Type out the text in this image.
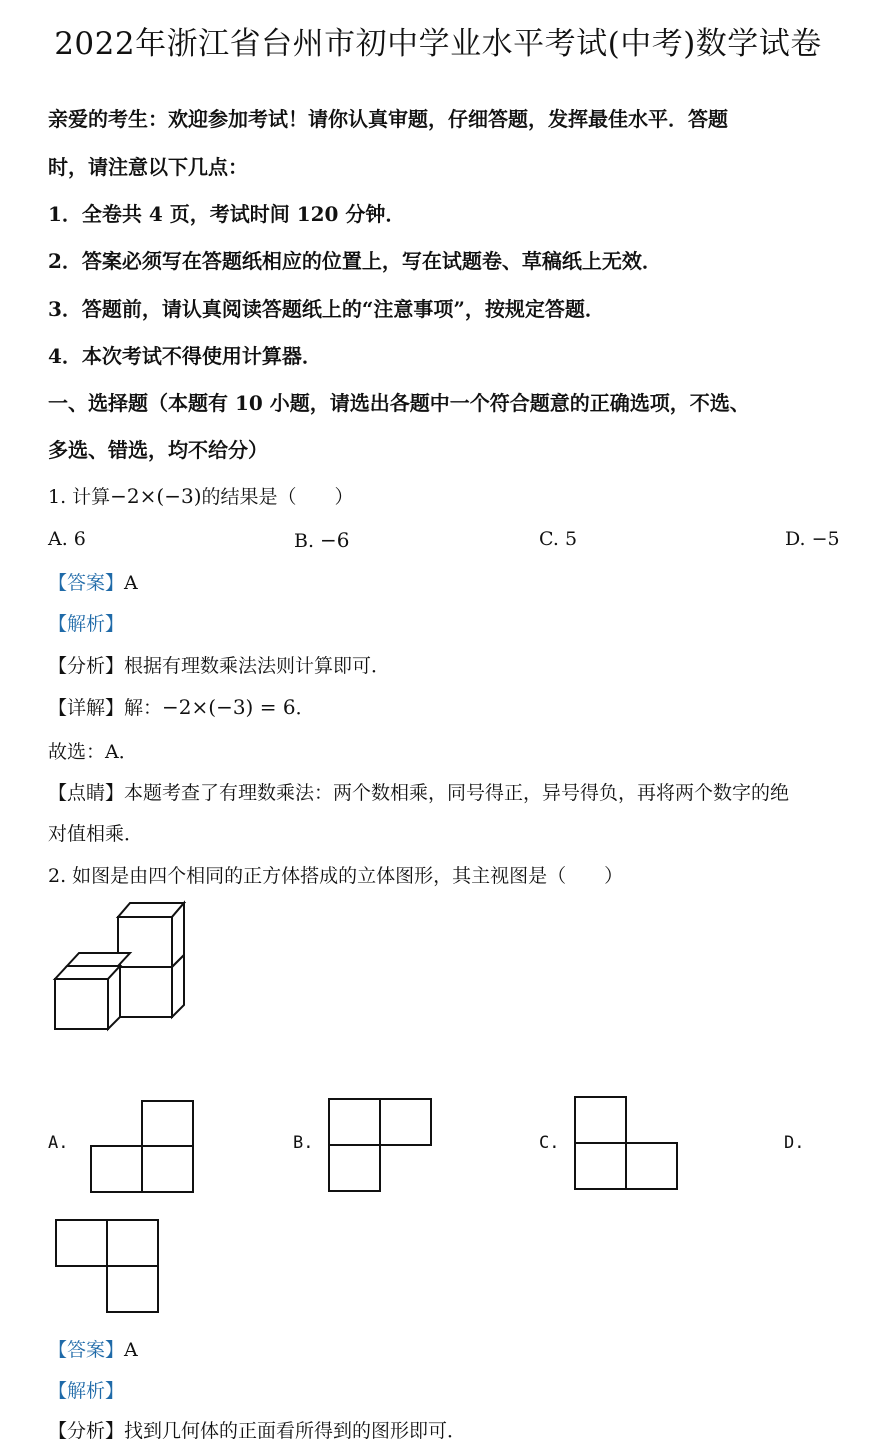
2022年浙江省台州市初中学业水平考试(中考)数学试卷
亲爱的考生：欢迎参加考试！请你认真审题，仔细答题，发挥最佳水平．答题
时，请注意以下几点：
1．全卷共 4 页，考试时间 120 分钟．
2．答案必须写在答题纸相应的位置上，写在试题卷、草稿纸上无效．
3．答题前，请认真阅读答题纸上的“注意事项”，按规定答题．
4．本次考试不得使用计算器．
一、选择题（本题有 10 小题，请选出各题中一个符合题意的正确选项，不选、
多选、错选，均不给分）
1. 计算−2×(−3)的结果是（　　）
A. 6	B. −6	C. 5	D. −5
【答案】A
【解析】
【分析】根据有理数乘法法则计算即可．
【详解】解：−2×(−3) = 6．
故选：A．
【点睛】本题考查了有理数乘法：两个数相乘，同号得正，异号得负，再将两个数字的绝
对值相乘．
2. 如图是由四个相同的正方体搭成的立体图形，其主视图是（　　）
A.	B.	C.	D.
【答案】A
【解析】
【分析】找到几何体的正面看所得到的图形即可．
